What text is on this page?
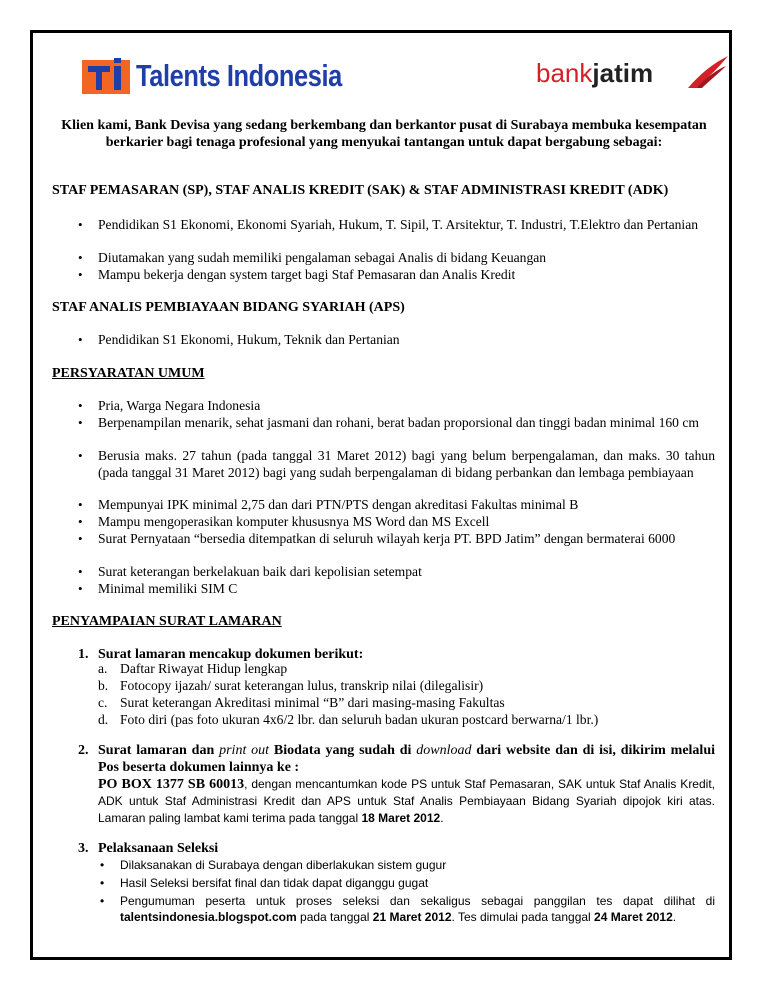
Talents Indonesia	bankjatim
Klien kami, Bank Devisa yang sedang berkembang dan berkantor pusat di Surabaya membuka kesempatan berkarier bagi tenaga profesional yang menyukai tantangan untuk dapat bergabung sebagai:
STAF PEMASARAN (SP), STAF ANALIS KREDIT (SAK) & STAF ADMINISTRASI KREDIT (ADK)
• Pendidikan S1 Ekonomi, Ekonomi Syariah, Hukum, T. Sipil, T. Arsitektur, T. Industri, T.Elektro dan Pertanian
• Diutamakan yang sudah memiliki pengalaman sebagai Analis di bidang Keuangan
• Mampu bekerja dengan system target bagi Staf Pemasaran dan Analis Kredit
STAF ANALIS PEMBIAYAAN BIDANG SYARIAH (APS)
• Pendidikan S1 Ekonomi, Hukum, Teknik dan Pertanian
PERSYARATAN UMUM
• Pria, Warga Negara Indonesia
• Berpenampilan menarik, sehat jasmani dan rohani, berat badan proporsional dan tinggi badan minimal 160 cm
• Berusia maks. 27 tahun (pada tanggal 31 Maret 2012) bagi yang belum berpengalaman, dan maks. 30 tahun (pada tanggal 31 Maret 2012) bagi yang sudah berpengalaman di bidang perbankan dan lembaga pembiayaan
• Mempunyai IPK minimal 2,75 dan dari PTN/PTS dengan akreditasi Fakultas minimal B
• Mampu mengoperasikan komputer khususnya MS Word dan MS Excell
• Surat Pernyataan “bersedia ditempatkan di seluruh wilayah kerja PT. BPD Jatim” dengan bermaterai 6000
• Surat keterangan berkelakuan baik dari kepolisian setempat
• Minimal memiliki SIM C
PENYAMPAIAN SURAT LAMARAN
1. Surat lamaran mencakup dokumen berikut:
a. Daftar Riwayat Hidup lengkap
b. Fotocopy ijazah/ surat keterangan lulus, transkrip nilai (dilegalisir)
c. Surat keterangan Akreditasi minimal “B” dari masing-masing Fakultas
d. Foto diri (pas foto ukuran 4x6/2 lbr. dan seluruh badan ukuran postcard berwarna/1 lbr.)
2. Surat lamaran dan print out Biodata yang sudah di download dari website dan di isi, dikirim melalui Pos beserta dokumen lainnya ke :
PO BOX 1377 SB 60013, dengan mencantumkan kode PS untuk Staf Pemasaran, SAK untuk Staf Analis Kredit, ADK untuk Staf Administrasi Kredit dan APS untuk Staf Analis Pembiayaan Bidang Syariah dipojok kiri atas. Lamaran paling lambat kami terima pada tanggal 18 Maret 2012.
3. Pelaksanaan Seleksi
• Dilaksanakan di Surabaya dengan diberlakukan sistem gugur
• Hasil Seleksi bersifat final dan tidak dapat diganggu gugat
• Pengumuman peserta untuk proses seleksi dan sekaligus sebagai panggilan tes dapat dilihat di talentsindonesia.blogspot.com pada tanggal 21 Maret 2012. Tes dimulai pada tanggal 24 Maret 2012.
